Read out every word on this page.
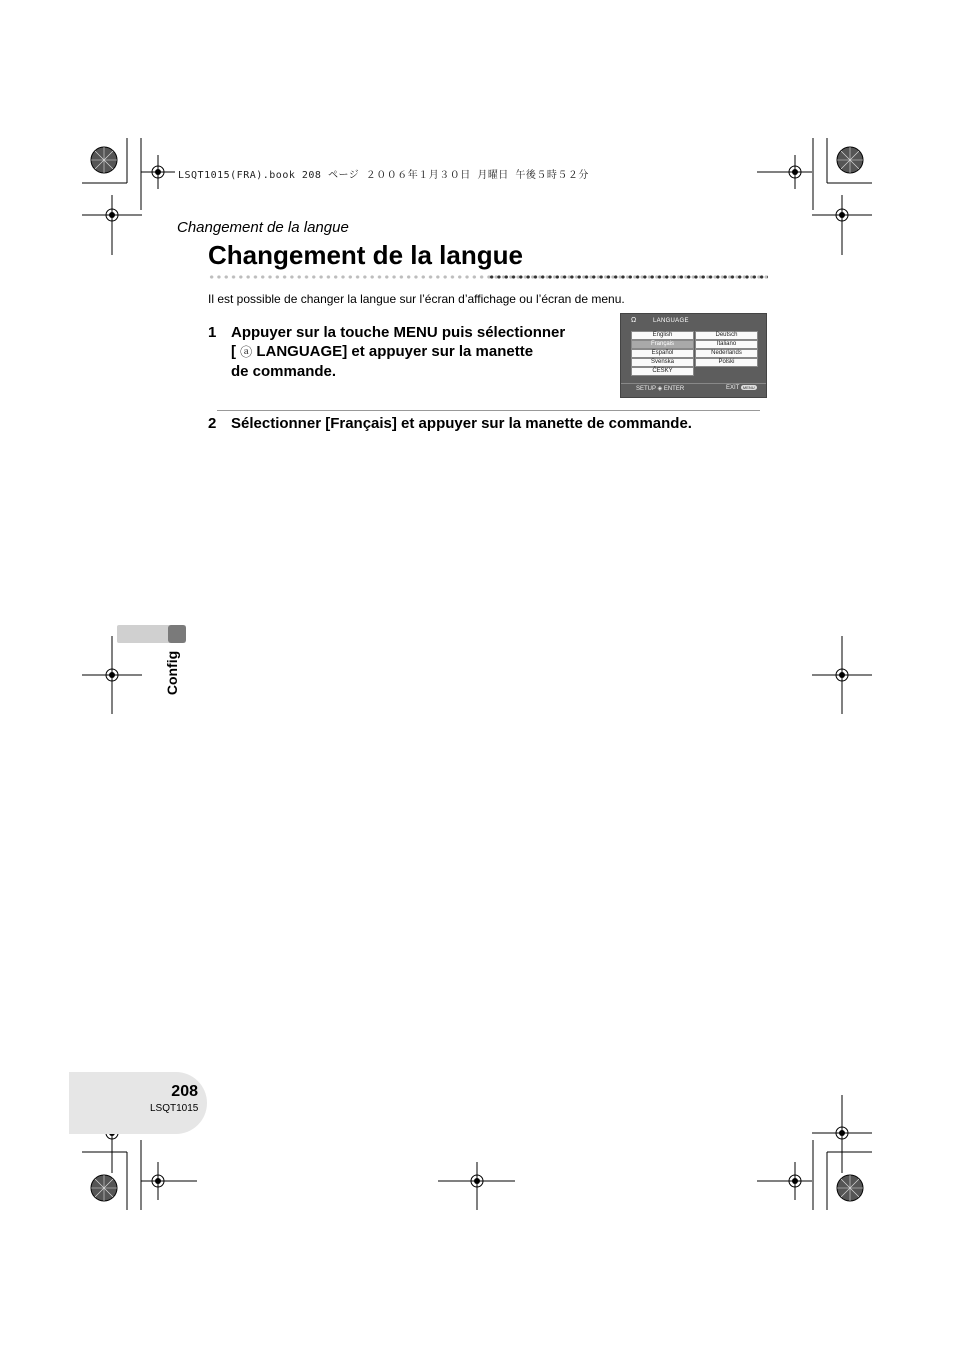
LSQT1015(FRA).book 208 ページ ２００６年１月３０日 月曜日 午後５時５２分
Changement de la langue
Changement de la langue
Il est possible de changer la langue sur l’écran d’affichage ou l’écran de menu.
1 Appuyer sur la touche MENU puis sélectionner
[ ⓐ LANGUAGE] et appuyer sur la manette
de commande.
Ω	LANGUAGE
English
Français
Español
Svenska
ČESKY
Deutsch
Italiano
Nederlands
Polski
SETUP ◈ ENTER	EXIT MENU
2 Sélectionner [Français] et appuyer sur la manette de commande.
Config
208
LSQT1015
